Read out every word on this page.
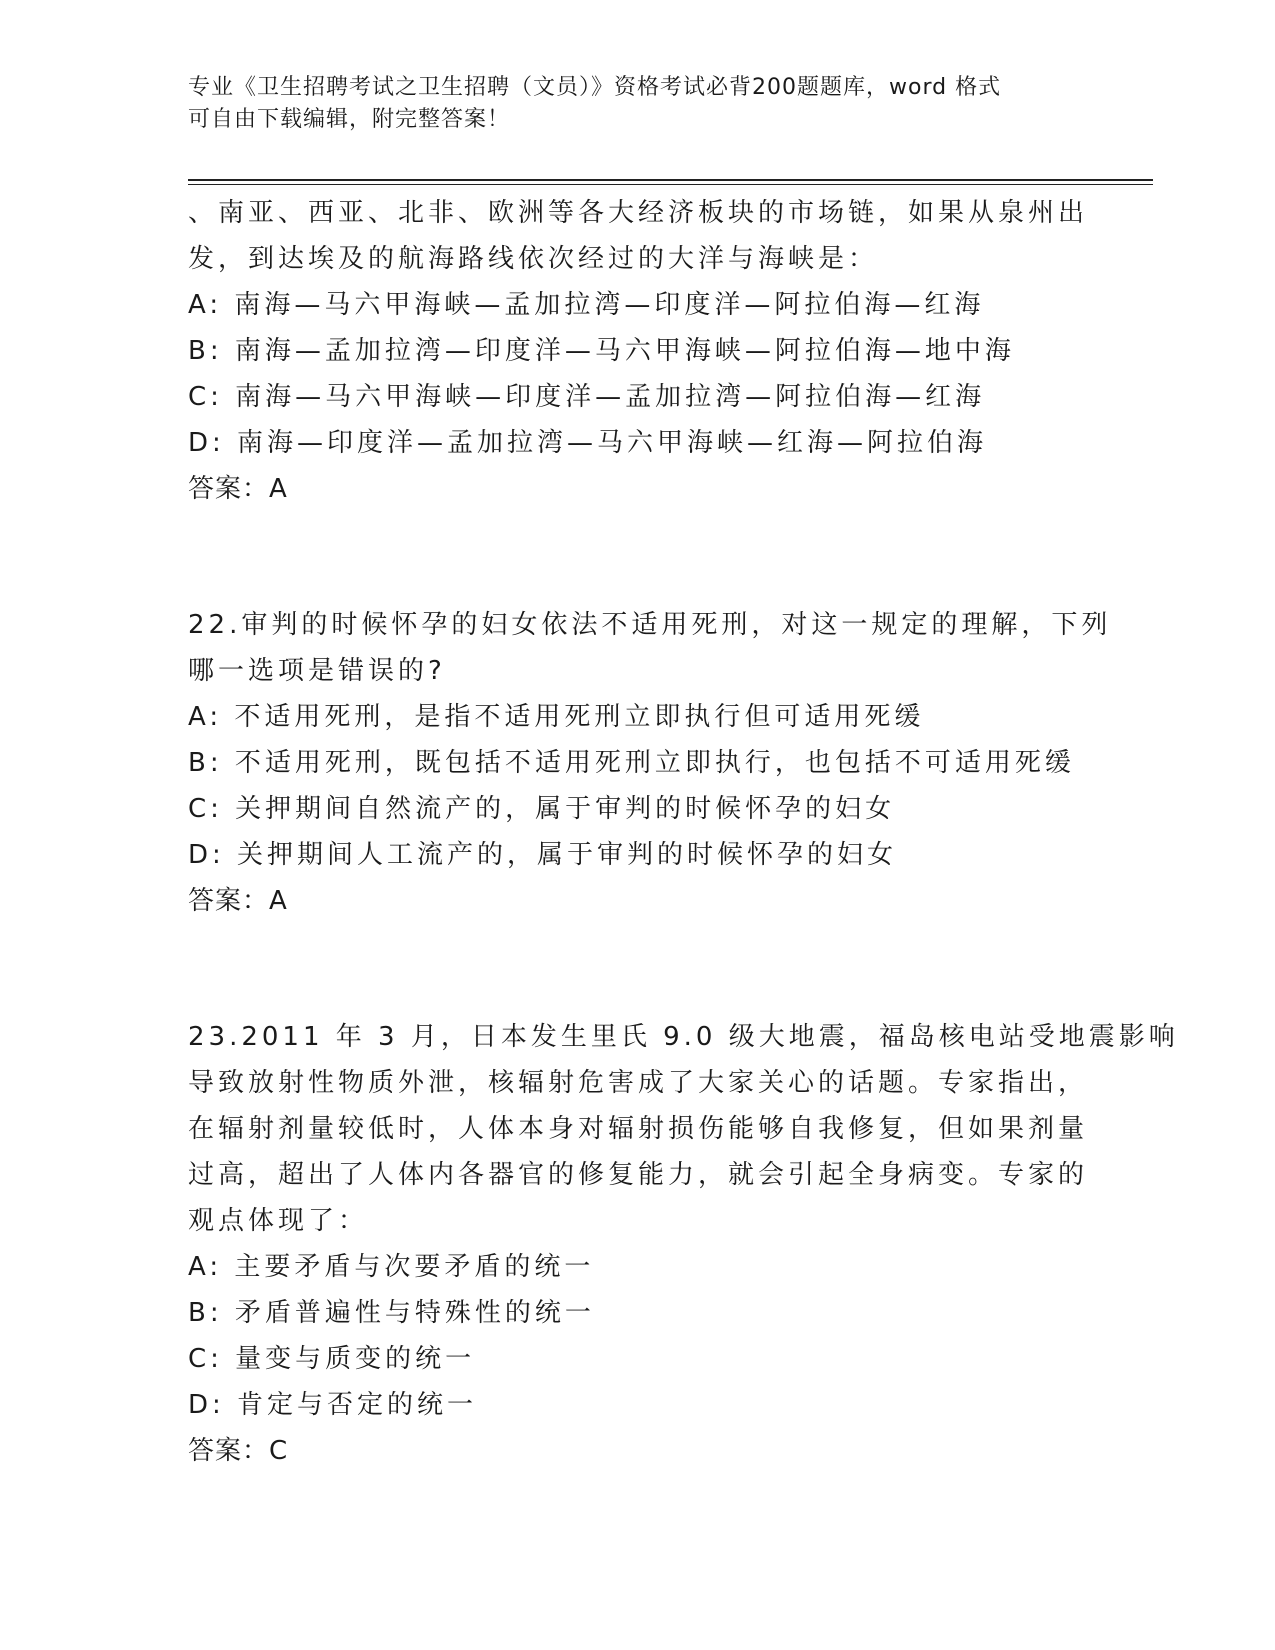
专业《卫生招聘考试之卫生招聘（文员）》资格考试必背200题题库，word 格式
可自由下载编辑，附完整答案！
、南亚、西亚、北非、欧洲等各大经济板块的市场链，如果从泉州出
发，到达埃及的航海路线依次经过的大洋与海峡是：
A: 南海—马六甲海峡—孟加拉湾—印度洋—阿拉伯海—红海
B: 南海—孟加拉湾—印度洋—马六甲海峡—阿拉伯海—地中海
C: 南海—马六甲海峡—印度洋—孟加拉湾—阿拉伯海—红海
D: 南海—印度洋—孟加拉湾—马六甲海峡—红海—阿拉伯海
答案：A
22.审判的时候怀孕的妇女依法不适用死刑，对这一规定的理解，下列
哪一选项是错误的?
A: 不适用死刑，是指不适用死刑立即执行但可适用死缓
B: 不适用死刑，既包括不适用死刑立即执行，也包括不可适用死缓
C: 关押期间自然流产的，属于审判的时候怀孕的妇女
D: 关押期间人工流产的，属于审判的时候怀孕的妇女
答案：A
23.2011 年 3 月，日本发生里氏 9.0 级大地震，福岛核电站受地震影响
导致放射性物质外泄，核辐射危害成了大家关心的话题。专家指出，
在辐射剂量较低时，人体本身对辐射损伤能够自我修复，但如果剂量
过高，超出了人体内各器官的修复能力，就会引起全身病变。专家的
观点体现了：
A: 主要矛盾与次要矛盾的统一
B: 矛盾普遍性与特殊性的统一
C: 量变与质变的统一
D: 肯定与否定的统一
答案：C
